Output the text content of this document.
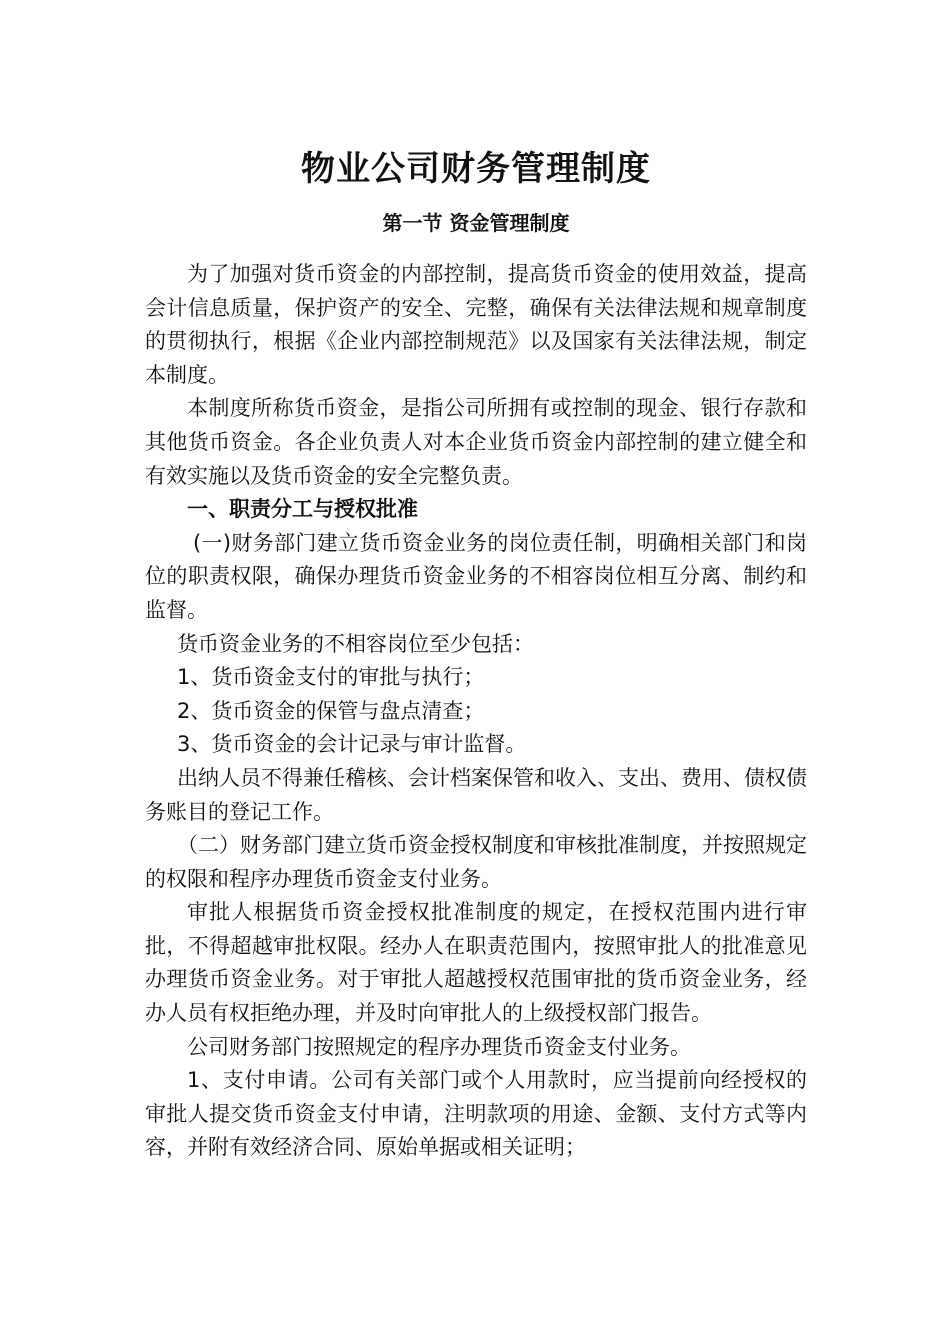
物业公司财务管理制度
第一节 资金管理制度

为了加强对货币资金的内部控制，提高货币资金的使用效益，提高会计信息质量，保护资产的安全、完整，确保有关法律法规和规章制度的贯彻执行，根据《企业内部控制规范》以及国家有关法律法规，制定本制度。

本制度所称货币资金，是指公司所拥有或控制的现金、银行存款和其他货币资金。各企业负责人对本企业货币资金内部控制的建立健全和有效实施以及货币资金的安全完整负责。

一、职责分工与授权批准

(一)财务部门建立货币资金业务的岗位责任制，明确相关部门和岗位的职责权限，确保办理货币资金业务的不相容岗位相互分离、制约和监督。

货币资金业务的不相容岗位至少包括：

1、货币资金支付的审批与执行；

2、货币资金的保管与盘点清查；

3、货币资金的会计记录与审计监督。

出纳人员不得兼任稽核、会计档案保管和收入、支出、费用、债权债务账目的登记工作。

（二）财务部门建立货币资金授权制度和审核批准制度，并按照规定的权限和程序办理货币资金支付业务。

审批人根据货币资金授权批准制度的规定，在授权范围内进行审批，不得超越审批权限。经办人在职责范围内，按照审批人的批准意见办理货币资金业务。对于审批人超越授权范围审批的货币资金业务，经办人员有权拒绝办理，并及时向审批人的上级授权部门报告。

公司财务部门按照规定的程序办理货币资金支付业务。

1、支付申请。公司有关部门或个人用款时，应当提前向经授权的审批人提交货币资金支付申请，注明款项的用途、金额、支付方式等内容，并附有效经济合同、原始单据或相关证明；
